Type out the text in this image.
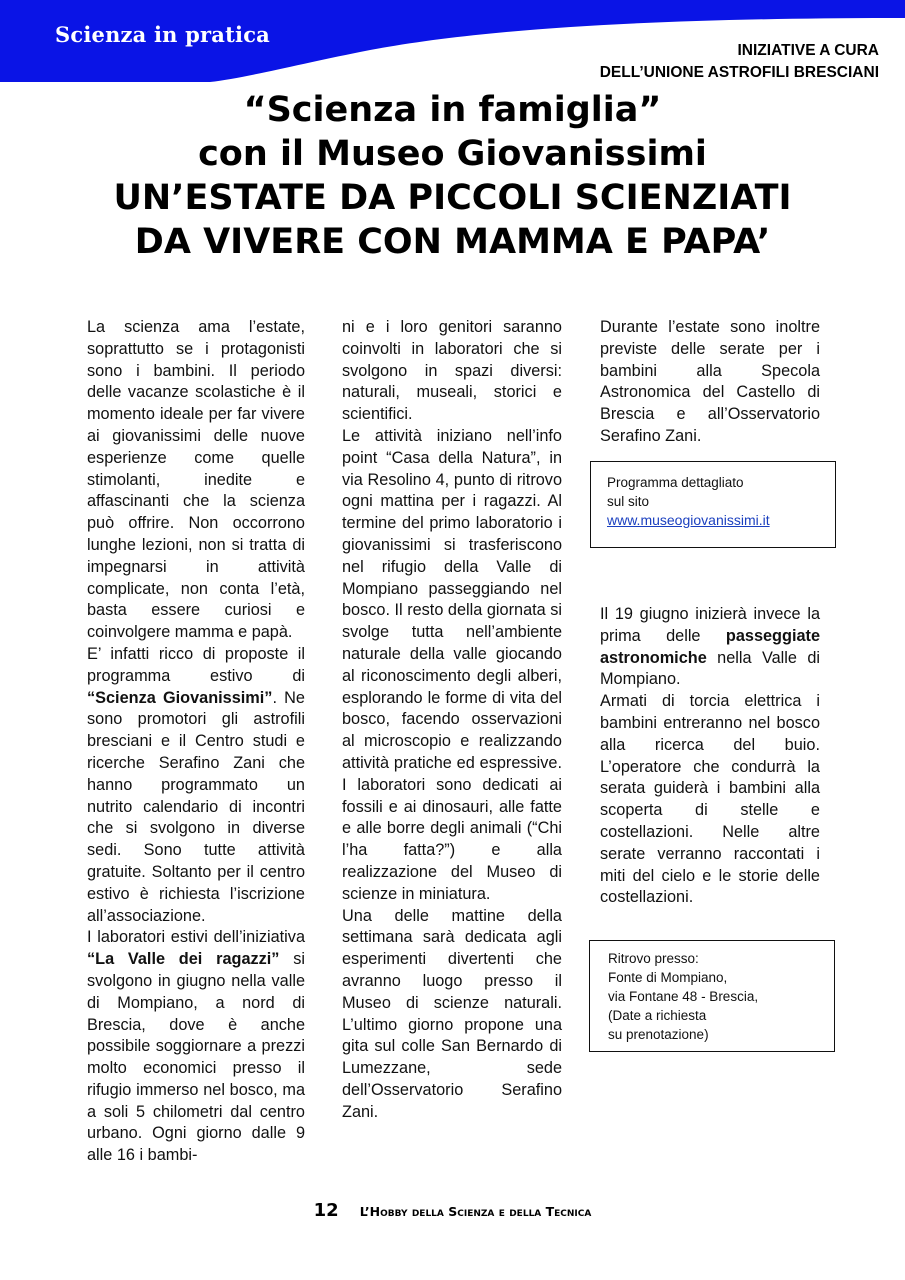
Scienza in pratica
INIZIATIVE A CURA
DELL’UNIONE ASTROFILI BRESCIANI
“Scienza in famiglia”
con il Museo Giovanissimi
UN’ESTATE DA PICCOLI SCIENZIATI
DA VIVERE CON MAMMA E PAPA’

La scienza ama l’estate, soprattutto se i protagonisti sono i bambini. Il periodo delle vacanze scolastiche è il momento ideale per far vivere ai giovanissimi delle nuove esperienze come quelle stimolanti, inedite e affascinanti che la scienza può offrire. Non occorrono lunghe lezioni, non si tratta di impegnarsi in attività complicate, non conta l’età, basta essere curiosi e coinvolgere mamma e papà.

E’ infatti ricco di proposte il programma estivo di “Scienza Giovanissimi”. Ne sono promotori gli astrofili bresciani e il Centro studi e ricerche Serafino Zani che hanno programmato un nutrito calendario di incontri che si svolgono in diverse sedi. Sono tutte attività gratuite. Soltanto per il centro estivo è richiesta l’iscrizione all’associazione.

I laboratori estivi dell’iniziativa “La Valle dei ragazzi” si svolgono in giugno nella valle di Mompiano, a nord di Brescia, dove è anche possibile soggiornare a prezzi molto economici presso il rifugio immerso nel bosco, ma a soli 5 chilometri dal centro urbano. Ogni giorno dalle 9 alle 16 i bambi-

ni e i loro genitori saranno coinvolti in laboratori che si svolgono in spazi diversi: naturali, museali, storici e scientifici.

Le attività iniziano nell’info point “Casa della Natura”, in via Resolino 4, punto di ritrovo ogni mattina per i ragazzi. Al termine del primo laboratorio i giovanissimi si trasferiscono nel rifugio della Valle di Mompiano passeggiando nel bosco. Il resto della giornata si svolge tutta nell’ambiente naturale della valle giocando al riconoscimento degli alberi, esplorando le forme di vita del bosco, facendo osservazioni al microscopio e realizzando attività pratiche ed espressive. I laboratori sono dedicati ai fossili e ai dinosauri, alle fatte e alle borre degli animali (“Chi l’ha fatta?”) e alla realizzazione del Museo di scienze in miniatura.

Una delle mattine della settimana sarà dedicata agli esperimenti divertenti che avranno luogo presso il Museo di scienze naturali. L’ultimo giorno propone una gita sul colle San Bernardo di Lumezzane, sede dell’Osservatorio Serafino Zani.

Durante l’estate sono inoltre previste delle serate per i bambini alla Specola Astronomica del Castello di Brescia e all’Osservatorio Serafino Zani.

Programma dettagliato
sul sito
www.museogiovanissimi.it

Il 19 giugno inizierà invece la prima delle passeggiate astronomiche nella Valle di Mompiano.

Armati di torcia elettrica i bambini entreranno nel bosco alla ricerca del buio. L’operatore che condurrà la serata guiderà i bambini alla scoperta di stelle e costellazioni. Nelle altre serate verranno raccontati i miti del cielo e le storie delle costellazioni.

Ritrovo presso:
Fonte di Mompiano,
via Fontane 48 - Brescia,
(Date a richiesta
su prenotazione)
12 L’Hobby della Scienza e della Tecnica
